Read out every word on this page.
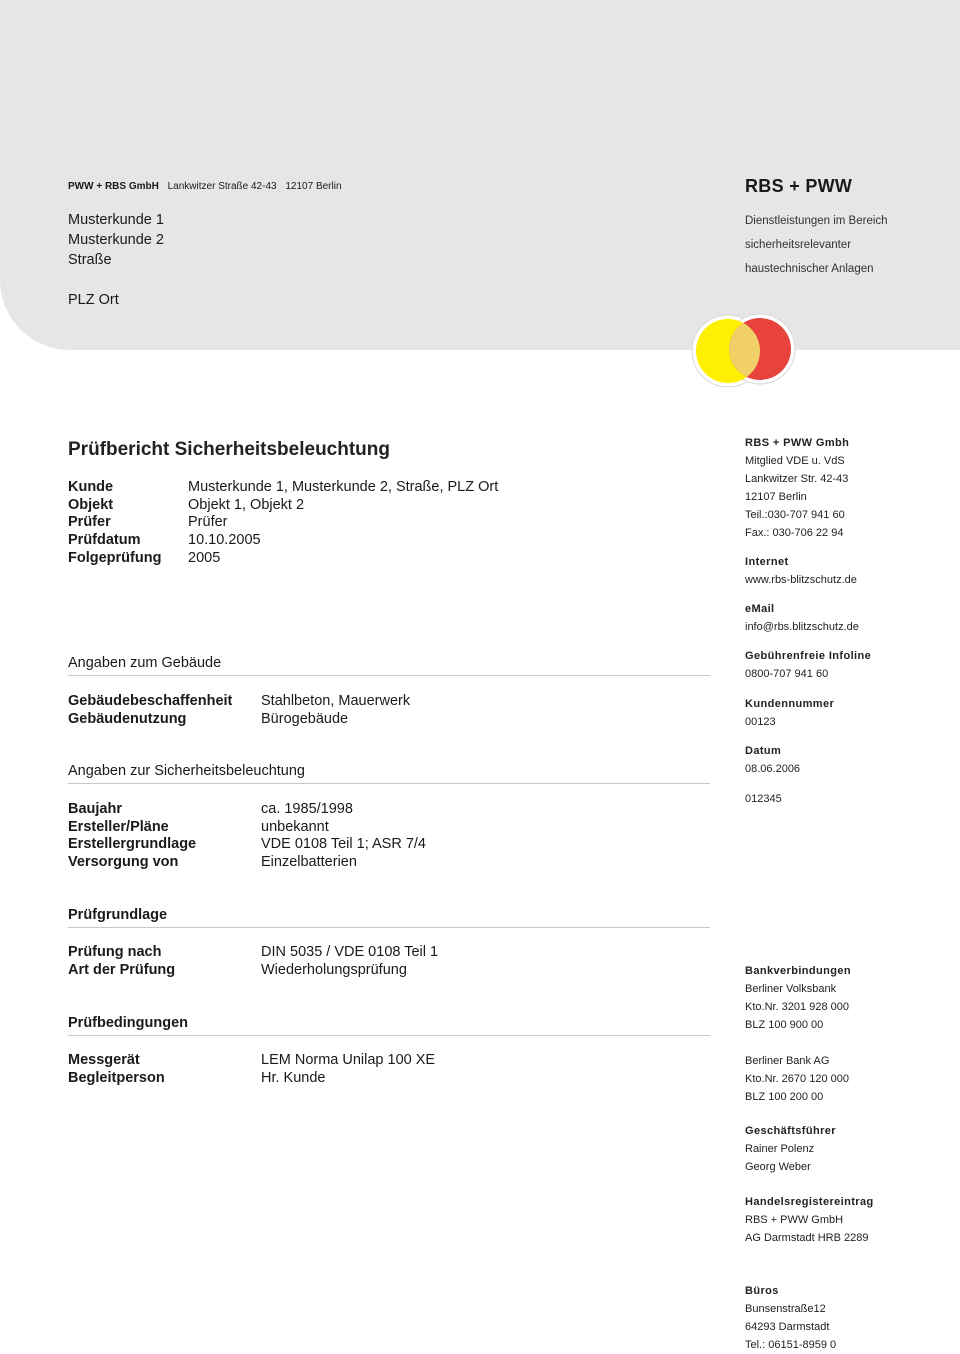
PWW + RBS GmbH Lankwitzer Straße 42-43 12107 Berlin
Musterkunde 1
Musterkunde 2
Straße
PLZ Ort
RBS + PWW
Dienstleistungen im Bereich
sicherheitsrelevanter
haustechnischer Anlagen
Prüfbericht Sicherheitsbeleuchtung
Kunde	Musterkunde 1, Musterkunde 2, Straße, PLZ Ort
Objekt	Objekt 1, Objekt 2
Prüfer	Prüfer
Prüfdatum	10.10.2005
Folgeprüfung	2005
Angaben zum Gebäude
Gebäudebeschaffenheit	Stahlbeton, Mauerwerk
Gebäudenutzung	Bürogebäude
Angaben zur Sicherheitsbeleuchtung
Baujahr	ca. 1985/1998
Ersteller/Pläne	unbekannt
Erstellergrundlage	VDE 0108 Teil 1; ASR 7/4
Versorgung von	Einzelbatterien
Prüfgrundlage
Prüfung nach	DIN 5035 / VDE 0108 Teil 1
Art der Prüfung	Wiederholungsprüfung
Prüfbedingungen
Messgerät	LEM Norma Unilap 100 XE
Begleitperson	Hr. Kunde
RBS + PWW Gmbh
Mitglied VDE u. VdS
Lankwitzer Str. 42-43
12107 Berlin
Teil.:030-707 941 60
Fax.: 030-706 22 94
Internet
www.rbs-blitzschutz.de
eMail
info@rbs.blitzschutz.de
Gebührenfreie Infoline
0800-707 941 60
Kundennummer
00123
Datum
08.06.2006
012345
Bankverbindungen
Berliner Volksbank
Kto.Nr. 3201 928 000
BLZ 100 900 00
Berliner Bank AG
Kto.Nr. 2670 120 000
BLZ 100 200 00
Geschäftsführer
Rainer Polenz
Georg Weber
Handelsregistereintrag
RBS + PWW GmbH
AG Darmstadt HRB 2289
Büros
Bunsenstraße12
64293 Darmstadt
Tel.: 06151-8959 0
